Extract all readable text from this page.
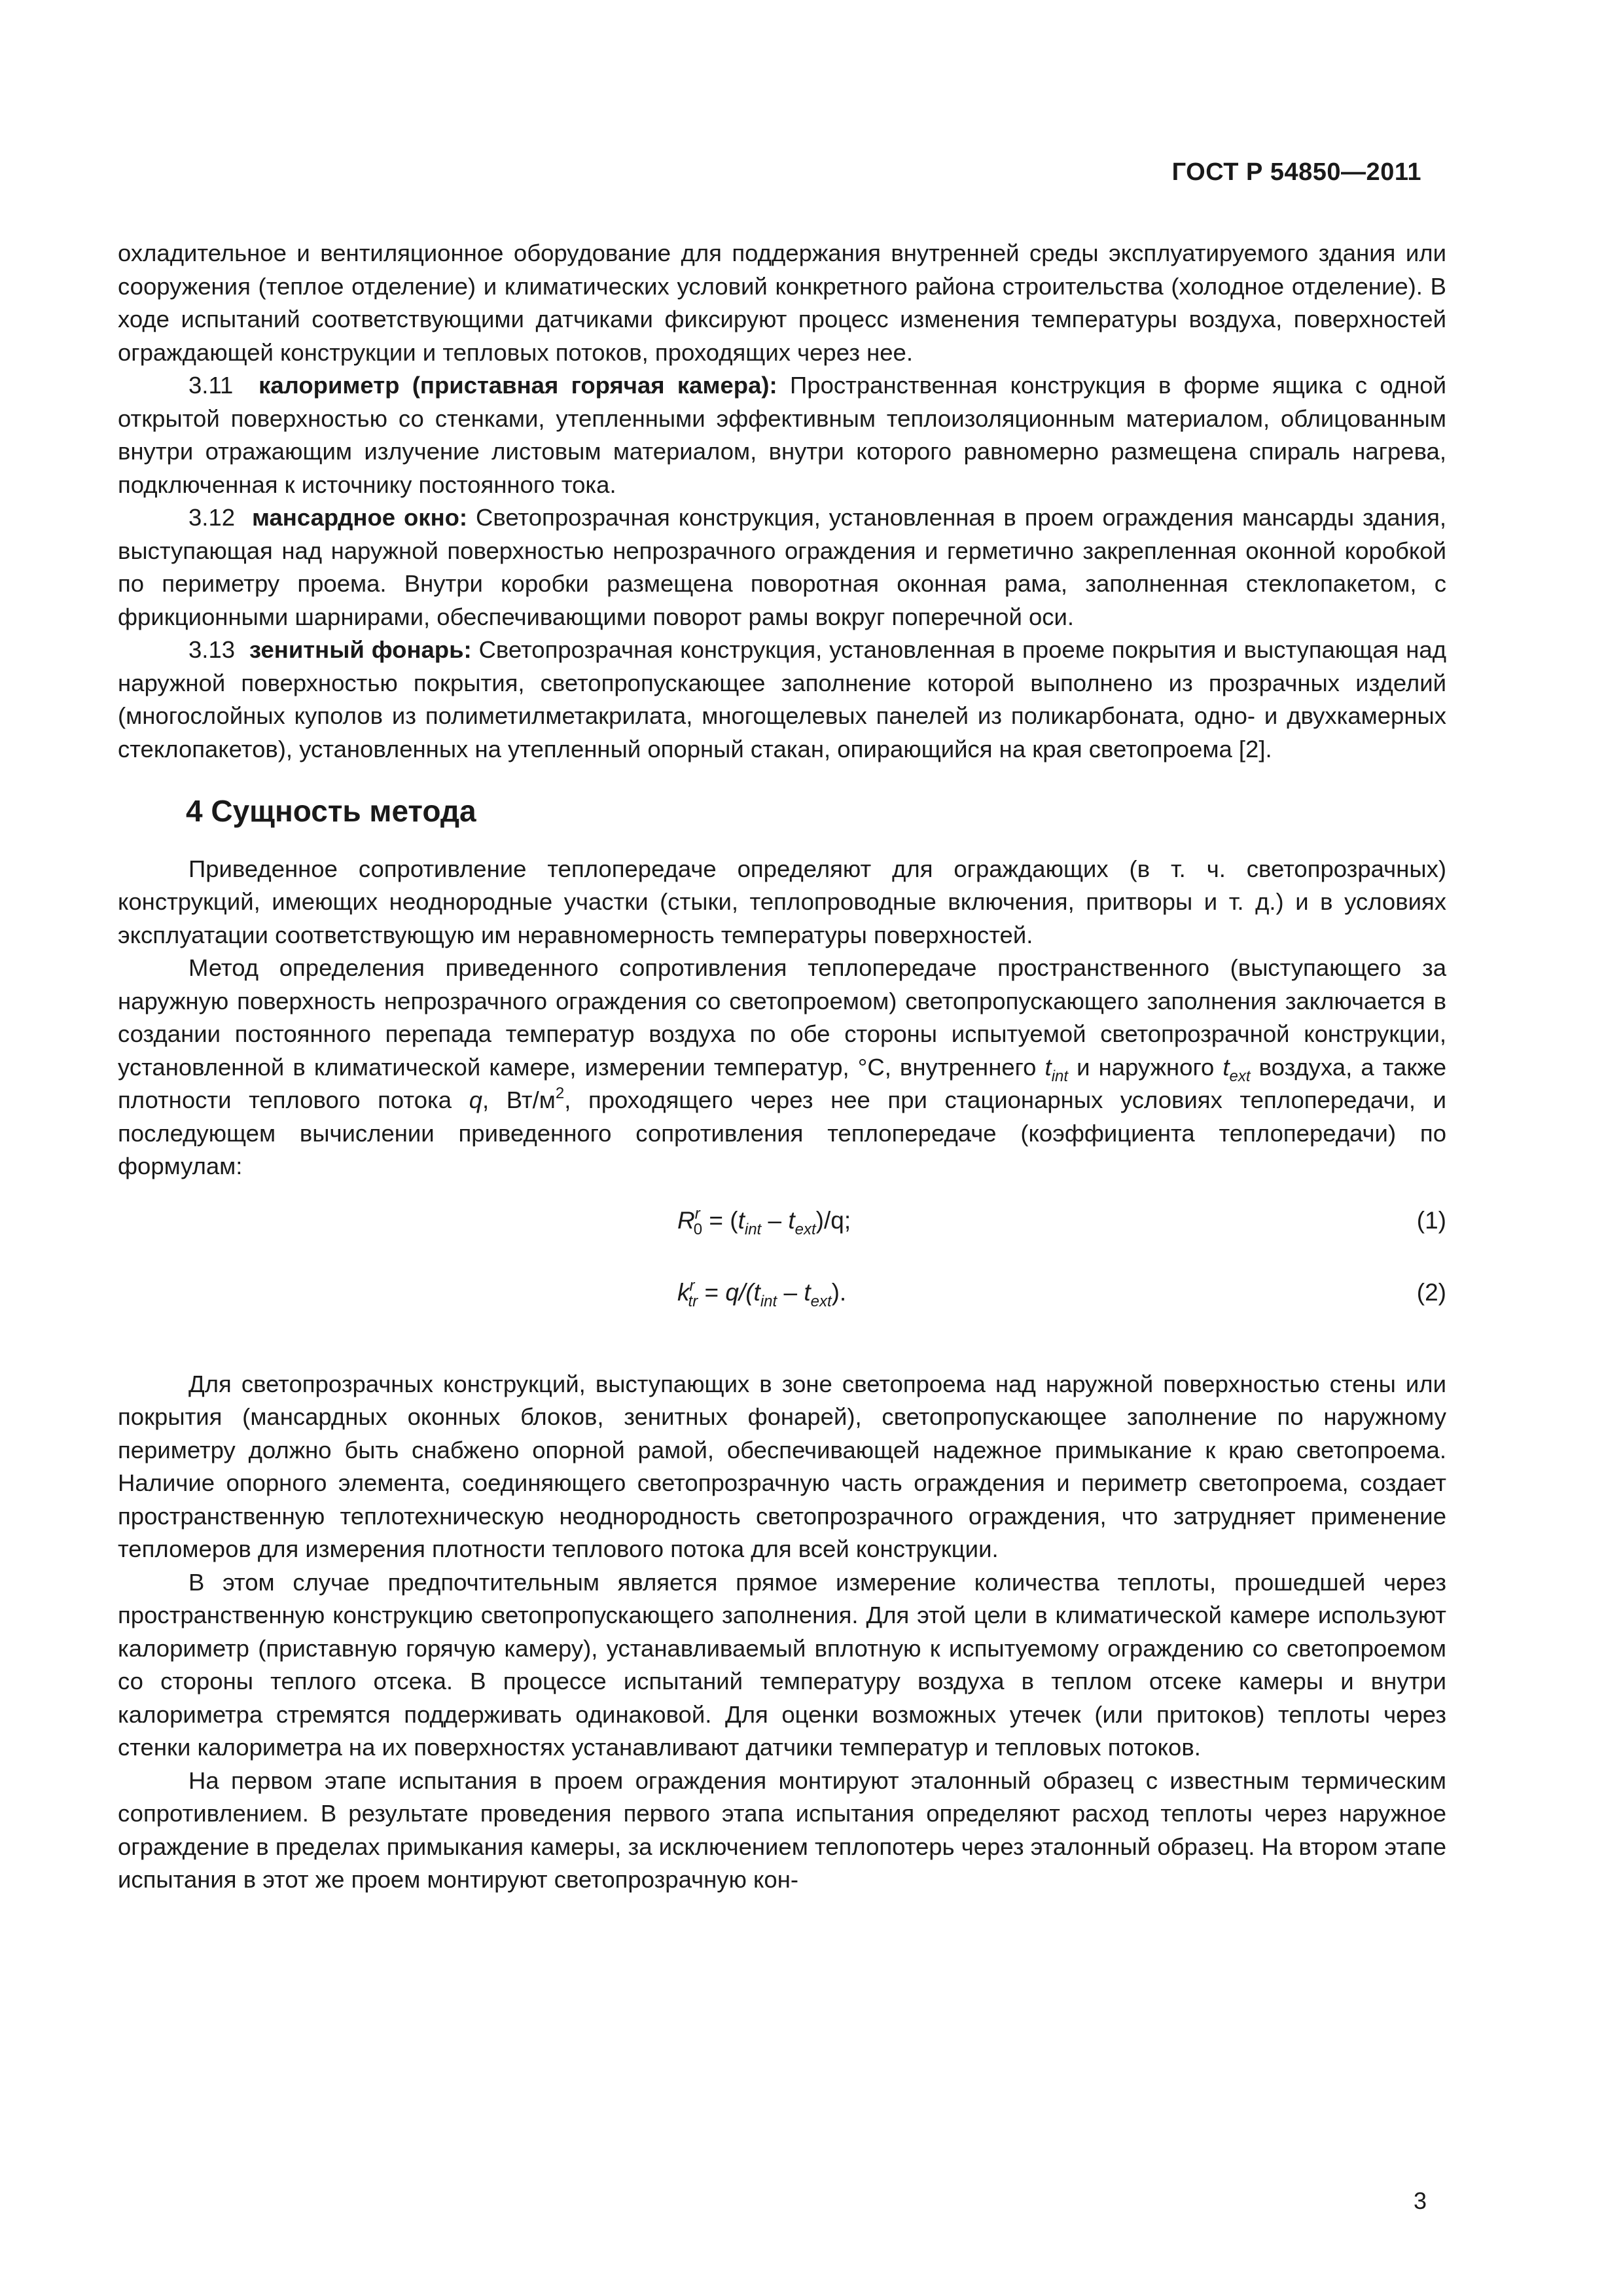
ГОСТ Р 54850—2011

охладительное и вентиляционное оборудование для поддержания внутренней среды эксплуатируемого здания или сооружения (теплое отделение) и климатических условий конкретного района строительства (холодное отделение). В ходе испытаний соответствующими датчиками фиксируют процесс изменения температуры воздуха, поверхностей ограждающей конструкции и тепловых потоков, проходящих через нее.

3.11 калориметр (приставная горячая камера): Пространственная конструкция в форме ящика с одной открытой поверхностью со стенками, утепленными эффективным теплоизоляционным материалом, облицованным внутри отражающим излучение листовым материалом, внутри которого равномерно размещена спираль нагрева, подключенная к источнику постоянного тока.

3.12 мансардное окно: Светопрозрачная конструкция, установленная в проем ограждения мансарды здания, выступающая над наружной поверхностью непрозрачного ограждения и герметично закрепленная оконной коробкой по периметру проема. Внутри коробки размещена поворотная оконная рама, заполненная стеклопакетом, с фрикционными шарнирами, обеспечивающими поворот рамы вокруг поперечной оси.

3.13 зенитный фонарь: Светопрозрачная конструкция, установленная в проеме покрытия и выступающая над наружной поверхностью покрытия, светопропускающее заполнение которой выполнено из прозрачных изделий (многослойных куполов из полиметилметакрилата, многощелевых панелей из поликарбоната, одно- и двухкамерных стеклопакетов), установленных на утепленный опорный стакан, опирающийся на края светопроема [2].

4 Сущность метода

Приведенное сопротивление теплопередаче определяют для ограждающих (в т. ч. светопрозрачных) конструкций, имеющих неоднородные участки (стыки, теплопроводные включения, притворы и т. д.) и в условиях эксплуатации соответствующую им неравномерность температуры поверхностей.

Метод определения приведенного сопротивления теплопередаче пространственного (выступающего за наружную поверхность непрозрачного ограждения со светопроемом) светопропускающего заполнения заключается в создании постоянного перепада температур воздуха по обе стороны испытуемой светопрозрачной конструкции, установленной в климатической камере, измерении температур, °С, внутреннего $t_{int}$ и наружного $t_{ext}$ воздуха, а также плотности теплового потока q, $Вт/м^2$, проходящего через нее при стационарных условиях теплопередачи, и последующем вычислении приведенного сопротивления теплопередаче (коэффициента теплопередачи) по формулам:

$R^r_0 = (t_{int} - t_{ext})/q$;	(1)
$k^r_{tr} = q/(t_{int} - t_{ext})$.	(2)

Для светопрозрачных конструкций, выступающих в зоне светопроема над наружной поверхностью стены или покрытия (мансардных оконных блоков, зенитных фонарей), светопропускающее заполнение по наружному периметру должно быть снабжено опорной рамой, обеспечивающей надежное примыкание к краю светопроема. Наличие опорного элемента, соединяющего светопрозрачную часть ограждения и периметр светопроема, создает пространственную теплотехническую неоднородность светопрозрачного ограждения, что затрудняет применение тепломеров для измерения плотности теплового потока для всей конструкции.

В этом случае предпочтительным является прямое измерение количества теплоты, прошедшей через пространственную конструкцию светопропускающего заполнения. Для этой цели в климатической камере используют калориметр (приставную горячую камеру), устанавливаемый вплотную к испытуемому ограждению со светопроемом со стороны теплого отсека. В процессе испытаний температуру воздуха в теплом отсеке камеры и внутри калориметра стремятся поддерживать одинаковой. Для оценки возможных утечек (или притоков) теплоты через стенки калориметра на их поверхностях устанавливают датчики температур и тепловых потоков.

На первом этапе испытания в проем ограждения монтируют эталонный образец с известным термическим сопротивлением. В результате проведения первого этапа испытания определяют расход теплоты через наружное ограждение в пределах примыкания камеры, за исключением теплопотерь через эталонный образец. На втором этапе испытания в этот же проем монтируют светопрозрачную кон-

3
